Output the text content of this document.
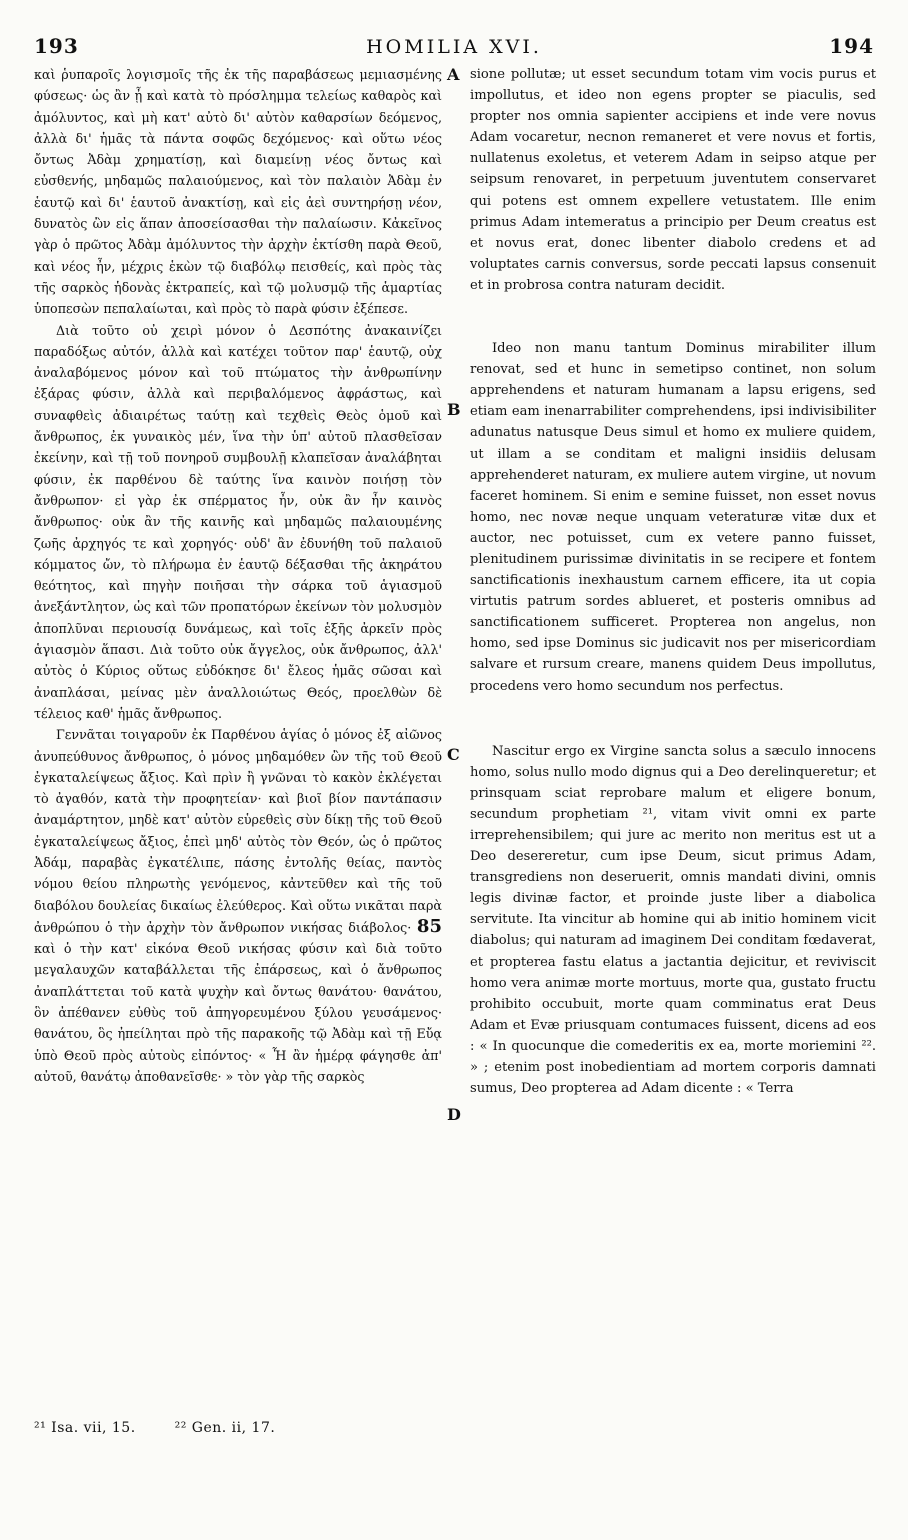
193	HOMILIA XVI.	194
A
B
C
D

καὶ ῥυπαροῖς λογισμοῖς τῆς ἐκ τῆς παραβάσεως μεμιασμένης φύσεως· ὡς ἂν ᾖ καὶ κατὰ τὸ πρόσλημμα τελείως καθαρὸς καὶ ἀμόλυντος, καὶ μὴ κατ' αὐτὸ δι' αὐτὸν καθαρσίων δεόμενος, ἀλλὰ δι' ἡμᾶς τὰ πάντα σοφῶς δεχόμενος· καὶ οὕτω νέος ὄντως Ἀδὰμ χρηματίσῃ, καὶ διαμείνῃ νέος ὄντως καὶ εὐσθενής, μηδαμῶς παλαιούμενος, καὶ τὸν παλαιὸν Ἀδὰμ ἐν ἑαυτῷ καὶ δι' ἑαυτοῦ ἀνακτίσῃ, καὶ εἰς ἀεὶ συντηρήσῃ νέον, δυνατὸς ὢν εἰς ἅπαν ἀποσείσασθαι τὴν παλαίωσιν. Κἀκεῖνος γὰρ ὁ πρῶτος Ἀδὰμ ἀμόλυντος τὴν ἀρχὴν ἐκτίσθη παρὰ Θεοῦ, καὶ νέος ἦν, μέχρις ἑκὼν τῷ διαβόλῳ πεισθείς, καὶ πρὸς τὰς τῆς σαρκὸς ἡδονὰς ἐκτραπείς, καὶ τῷ μολυσμῷ τῆς ἁμαρτίας ὑποπεσὼν πεπαλαίωται, καὶ πρὸς τὸ παρὰ φύσιν ἐξέπεσε.

Διὰ τοῦτο οὐ χειρὶ μόνον ὁ Δεσπότης ἀνακαινίζει παραδόξως αὐτόν, ἀλλὰ καὶ κατέχει τοῦτον παρ' ἑαυτῷ, οὐχ ἀναλαβόμενος μόνον καὶ τοῦ πτώματος τὴν ἀνθρωπίνην ἐξάρας φύσιν, ἀλλὰ καὶ περιβαλόμενος ἀφράστως, καὶ συναφθεὶς ἀδιαιρέτως ταύτῃ καὶ τεχθεὶς Θεὸς ὁμοῦ καὶ ἄνθρωπος, ἐκ γυναικὸς μέν, ἵνα τὴν ὑπ' αὐτοῦ πλασθεῖσαν ἐκείνην, καὶ τῇ τοῦ πονηροῦ συμβουλῇ κλαπεῖσαν ἀναλάβηται φύσιν, ἐκ παρθένου δὲ ταύτης ἵνα καινὸν ποιήσῃ τὸν ἄνθρωπον· εἰ γὰρ ἐκ σπέρματος ἦν, οὐκ ἂν ἦν καινὸς ἄνθρωπος· οὐκ ἂν τῆς καινῆς καὶ μηδαμῶς παλαιουμένης ζωῆς ἀρχηγός τε καὶ χορηγός· οὐδ' ἂν ἐδυνήθη τοῦ παλαιοῦ κόμματος ὤν, τὸ πλήρωμα ἐν ἑαυτῷ δέξασθαι τῆς ἀκηράτου θεότητος, καὶ πηγὴν ποιῆσαι τὴν σάρκα τοῦ ἁγιασμοῦ ἀνεξάντλητον, ὡς καὶ τῶν προπατόρων ἐκείνων τὸν μολυσμὸν ἀποπλῦναι περιουσίᾳ δυνάμεως, καὶ τοῖς ἑξῆς ἀρκεῖν πρὸς ἁγιασμὸν ἅπασι. Διὰ τοῦτο οὐκ ἄγγελος, οὐκ ἄνθρωπος, ἀλλ' αὐτὸς ὁ Κύριος οὕτως εὐδόκησε δι' ἔλεος ἡμᾶς σῶσαι καὶ ἀναπλάσαι, μείνας μὲν ἀναλλοιώτως Θεός, προελθὼν δὲ τέλειος καθ' ἡμᾶς ἄνθρωπος.

Γεννᾶται τοιγαροῦν ἐκ Παρθένου ἁγίας ὁ μόνος ἐξ αἰῶνος ἀνυπεύθυνος ἄνθρωπος, ὁ μόνος μηδαμόθεν ὢν τῆς τοῦ Θεοῦ ἐγκαταλείψεως ἄξιος. Καὶ πρὶν ἢ γνῶναι τὸ κακὸν ἐκλέγεται τὸ ἀγαθόν, κατὰ τὴν προφητείαν· καὶ βιοῖ βίον παντάπασιν ἀναμάρτητον, μηδὲ κατ' αὐτὸν εὑρεθεὶς σὺν δίκῃ τῆς τοῦ Θεοῦ ἐγκαταλείψεως ἄξιος, ἐπεὶ μηδ' αὐτὸς τὸν Θεόν, ὡς ὁ πρῶτος Ἀδάμ, παραβὰς ἐγκατέλιπε, πάσης ἐντολῆς θείας, παντὸς νόμου θείου πληρωτὴς γενόμενος, κἀντεῦθεν καὶ τῆς τοῦ διαβόλου δουλείας δικαίως ἐλεύθερος. Καὶ οὕτω νικᾶται παρὰ ἀνθρώπου ὁ τὴν ἀρχὴν τὸν ἄνθρωπον νικήσας διάβολος· 85 καὶ ὁ τὴν κατ' εἰκόνα Θεοῦ νικήσας φύσιν καὶ διὰ τοῦτο μεγαλαυχῶν καταβάλλεται τῆς ἐπάρσεως, καὶ ὁ ἄνθρωπος ἀναπλάττεται τοῦ κατὰ ψυχὴν καὶ ὄντως θανάτου· θανάτου, ὃν ἀπέθανεν εὐθὺς τοῦ ἀπηγορευμένου ξύλου γευσάμενος· θανάτου, ὃς ἠπείληται πρὸ τῆς παρακοῆς τῷ Ἀδὰμ καὶ τῇ Εὔᾳ ὑπὸ Θεοῦ πρὸς αὐτοὺς εἰπόντος· « Ἧ ἂν ἡμέρᾳ φάγησθε ἀπ' αὐτοῦ, θανάτῳ ἀποθανεῖσθε· » τὸν γὰρ τῆς σαρκὸς

sione pollutæ; ut esset secundum totam vim vocis purus et impollutus, et ideo non egens propter se piaculis, sed propter nos omnia sapienter accipiens et inde vere novus Adam vocaretur, necnon remaneret et vere novus et fortis, nullatenus exoletus, et veterem Adam in seipso atque per seipsum renovaret, in perpetuum juventutem conservaret qui potens est omnem expellere vetustatem. Ille enim primus Adam intemeratus a principio per Deum creatus est et novus erat, donec libenter diabolo credens et ad voluptates carnis conversus, sorde peccati lapsus consenuit et in probrosa contra naturam decidit.

Ideo non manu tantum Dominus mirabiliter illum renovat, sed et hunc in semetipso continet, non solum apprehendens et naturam humanam a lapsu erigens, sed etiam eam inenarrabiliter comprehendens, ipsi indivisibiliter adunatus natusque Deus simul et homo ex muliere quidem, ut illam a se conditam et maligni insidiis delusam apprehenderet naturam, ex muliere autem virgine, ut novum faceret hominem. Si enim e semine fuisset, non esset novus homo, nec novæ neque unquam veteraturæ vitæ dux et auctor, nec potuisset, cum ex vetere panno fuisset, plenitudinem purissimæ divinitatis in se recipere et fontem sanctificationis inexhaustum carnem efficere, ita ut copia virtutis patrum sordes ablueret, et posteris omnibus ad sanctificationem sufficeret. Propterea non angelus, non homo, sed ipse Dominus sic judicavit nos per misericordiam salvare et rursum creare, manens quidem Deus impollutus, procedens vero homo secundum nos perfectus.

Nascitur ergo ex Virgine sancta solus a sæculo innocens homo, solus nullo modo dignus qui a Deo derelinqueretur; et prinsquam sciat reprobare malum et eligere bonum, secundum prophetiam ²¹, vitam vivit omni ex parte irreprehensibilem; qui jure ac merito non meritus est ut a Deo desereretur, cum ipse Deum, sicut primus Adam, transgrediens non deseruerit, omnis mandati divini, omnis legis divinæ factor, et proinde juste liber a diabolica servitute. Ita vincitur ab homine qui ab initio hominem vicit diabolus; qui naturam ad imaginem Dei conditam fœdaverat, et propterea fastu elatus a jactantia dejicitur, et reviviscit homo vera animæ morte mortuus, morte qua, gustato fructu prohibito occubuit, morte quam comminatus erat Deus Adam et Evæ priusquam contumaces fuissent, dicens ad eos : « In quocunque die comederitis ex ea, morte moriemini ²². » ; etenim post inobedientiam ad mortem corporis damnati sumus, Deo propterea ad Adam dicente : « Terra

²¹ Isa. vii, 15.	²² Gen. ii, 17.
